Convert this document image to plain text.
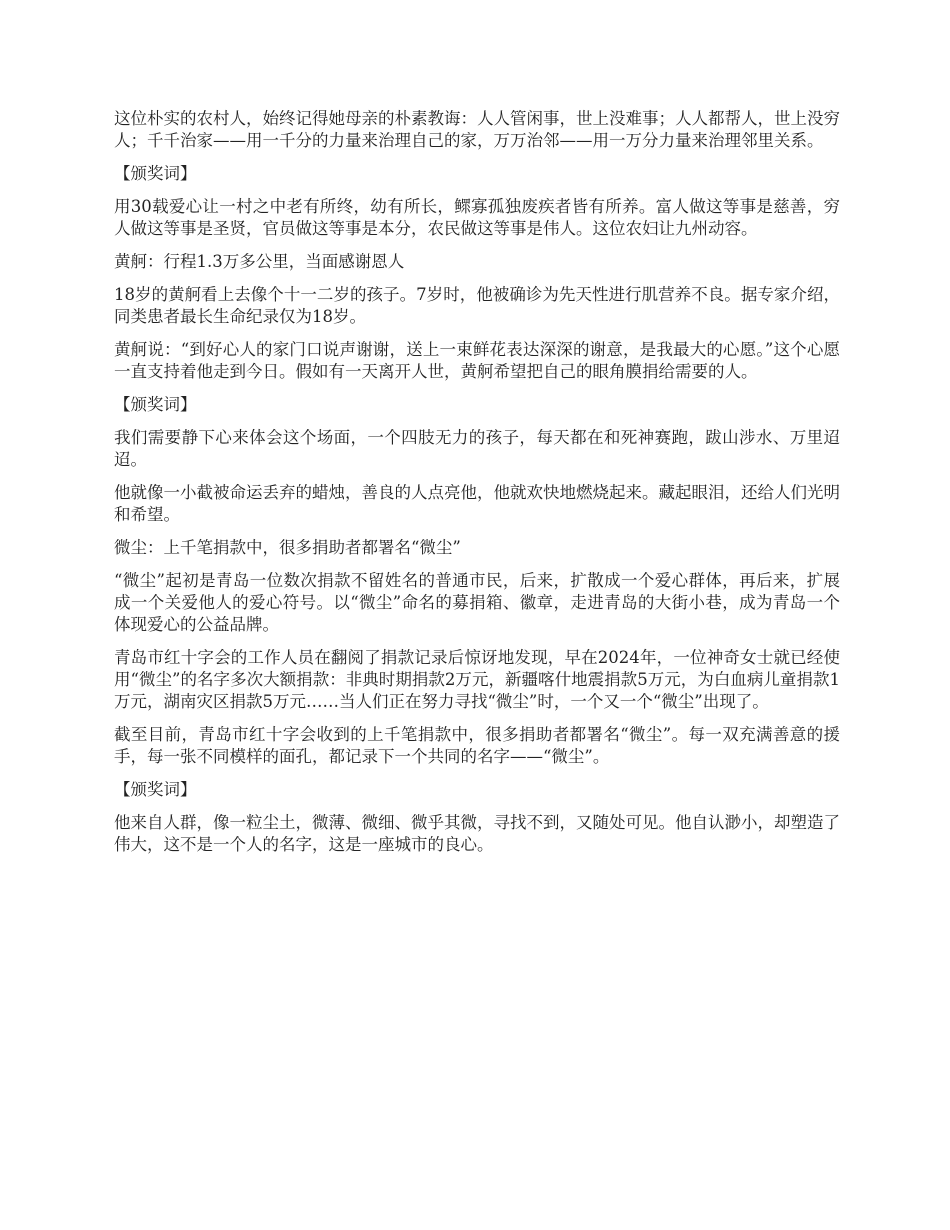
这位朴实的农村人，始终记得她母亲的朴素教诲：人人管闲事，世上没难事；人人都帮人，世上没穷人；千千治家——用一千分的力量来治理自己的家，万万治邻——用一万分力量来治理邻里关系。

【颁奖词】

用30载爱心让一村之中老有所终，幼有所长，鳏寡孤独废疾者皆有所养。富人做这等事是慈善，穷人做这等事是圣贤，官员做这等事是本分，农民做这等事是伟人。这位农妇让九州动容。

黄舸：行程1.3万多公里，当面感谢恩人

18岁的黄舸看上去像个十一二岁的孩子。7岁时，他被确诊为先天性进行肌营养不良。据专家介绍，同类患者最长生命纪录仅为18岁。

黄舸说：“到好心人的家门口说声谢谢，送上一束鲜花表达深深的谢意，是我最大的心愿。”这个心愿一直支持着他走到今日。假如有一天离开人世，黄舸希望把自己的眼角膜捐给需要的人。

【颁奖词】

我们需要静下心来体会这个场面，一个四肢无力的孩子，每天都在和死神赛跑，跋山涉水、万里迢迢。

他就像一小截被命运丢弃的蜡烛，善良的人点亮他，他就欢快地燃烧起来。藏起眼泪，还给人们光明和希望。

微尘：上千笔捐款中，很多捐助者都署名“微尘”

“微尘”起初是青岛一位数次捐款不留姓名的普通市民，后来，扩散成一个爱心群体，再后来，扩展成一个关爱他人的爱心符号。以“微尘”命名的募捐箱、徽章，走进青岛的大街小巷，成为青岛一个体现爱心的公益品牌。

青岛市红十字会的工作人员在翻阅了捐款记录后惊讶地发现，早在2024年，一位神奇女士就已经使用“微尘”的名字多次大额捐款：非典时期捐款2万元，新疆喀什地震捐款5万元，为白血病儿童捐款1万元，湖南灾区捐款5万元……当人们正在努力寻找“微尘”时，一个又一个“微尘”出现了。

截至目前，青岛市红十字会收到的上千笔捐款中，很多捐助者都署名“微尘”。每一双充满善意的援手，每一张不同模样的面孔，都记录下一个共同的名字——“微尘”。

【颁奖词】

他来自人群，像一粒尘土，微薄、微细、微乎其微，寻找不到，又随处可见。他自认渺小，却塑造了伟大，这不是一个人的名字，这是一座城市的良心。
